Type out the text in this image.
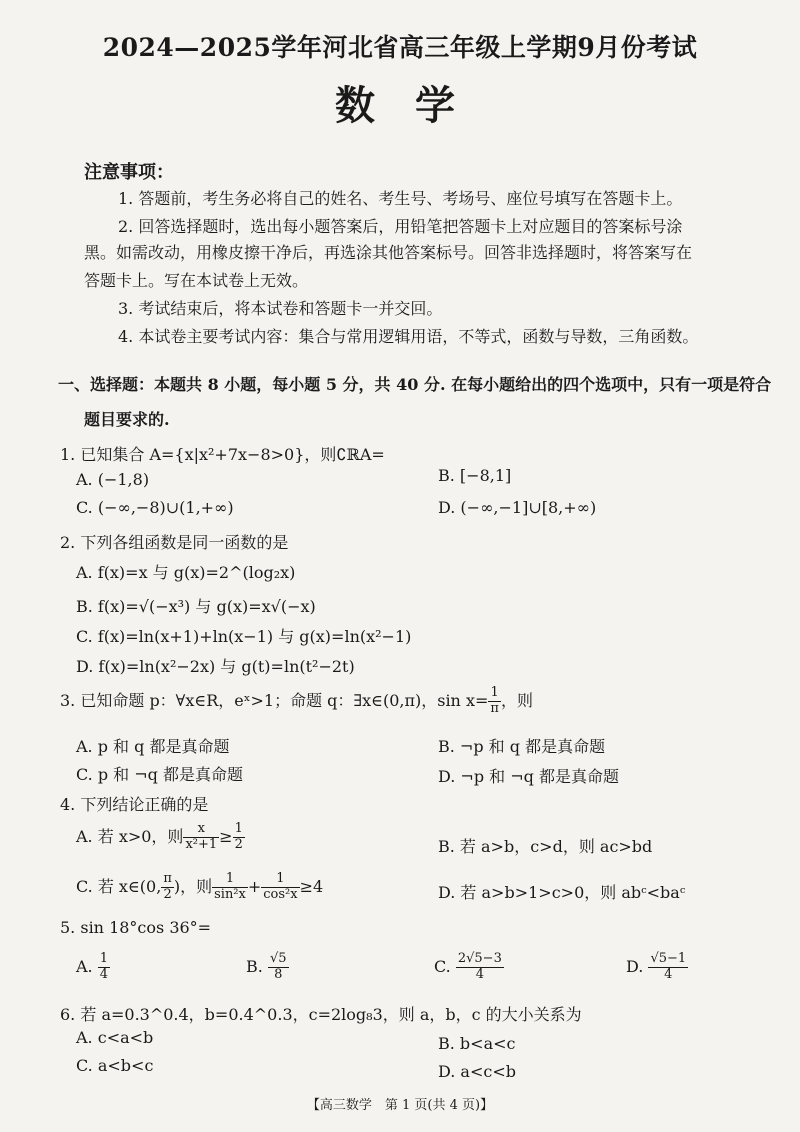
2024—2025学年河北省高三年级上学期9月份考试
数学
注意事项：
1. 答题前，考生务必将自己的姓名、考生号、考场号、座位号填写在答题卡上。
2. 回答选择题时，选出每小题答案后，用铅笔把答题卡上对应题目的答案标号涂
黑。如需改动，用橡皮擦干净后，再选涂其他答案标号。回答非选择题时，将答案写在
答题卡上。写在本试卷上无效。
3. 考试结束后，将本试卷和答题卡一并交回。
4. 本试卷主要考试内容：集合与常用逻辑用语，不等式，函数与导数，三角函数。
一、选择题：本题共 8 小题，每小题 5 分，共 40 分. 在每小题给出的四个选项中，只有一项是符合
题目要求的.
1. 已知集合 A={x|x²+7x−8>0}，则∁ℝA=
A. (−1,8)	B. [−8,1]
C. (−∞,−8)∪(1,+∞)	D. (−∞,−1]∪[8,+∞)
2. 下列各组函数是同一函数的是
A. f(x)=x 与 g(x)=2^(log₂x)
B. f(x)=√(−x³) 与 g(x)=x√(−x)
C. f(x)=ln(x+1)+ln(x−1) 与 g(x)=ln(x²−1)
D. f(x)=ln(x²−2x) 与 g(t)=ln(t²−2t)
3. 已知命题 p：∀x∈R，eˣ>1；命题 q：∃x∈(0,π)，$\sin x= \frac{1}{\pi}$ ，则
A. p 和 q 都是真命题	B. ¬p 和 q 都是真命题
C. p 和 ¬q 都是真命题	D. ¬p 和 ¬q 都是真命题
4. 下列结论正确的是
A. 若 x>0，则 $\frac{x}{\text{x²+1}} \ge \frac{1}{2}$	B. 若 a>b，c>d，则 ac>bd
C. 若 x∈(0, $\frac{\pi}{2}$ )，则 $\frac{1}{\text{sin²x}} + \frac{1}{\text{cos²x}} \ge 4$	D. 若 a>b>1>c>0，则 abᶜ<baᶜ
5. sin 18°cos 36°=
A. $\frac{1}{4}$	B. $\frac{√5}{8}$	C. $\frac{2√5-3}{4}$	D. $\frac{√5-1}{4}$
6. 若 a=0.3^0.4，b=0.4^0.3，c=2log₈3，则 a，b，c 的大小关系为
A. c<a<b	B. b<a<c
C. a<b<c	D. a<c<b
【高三数学　第 1 页(共 4 页)】
